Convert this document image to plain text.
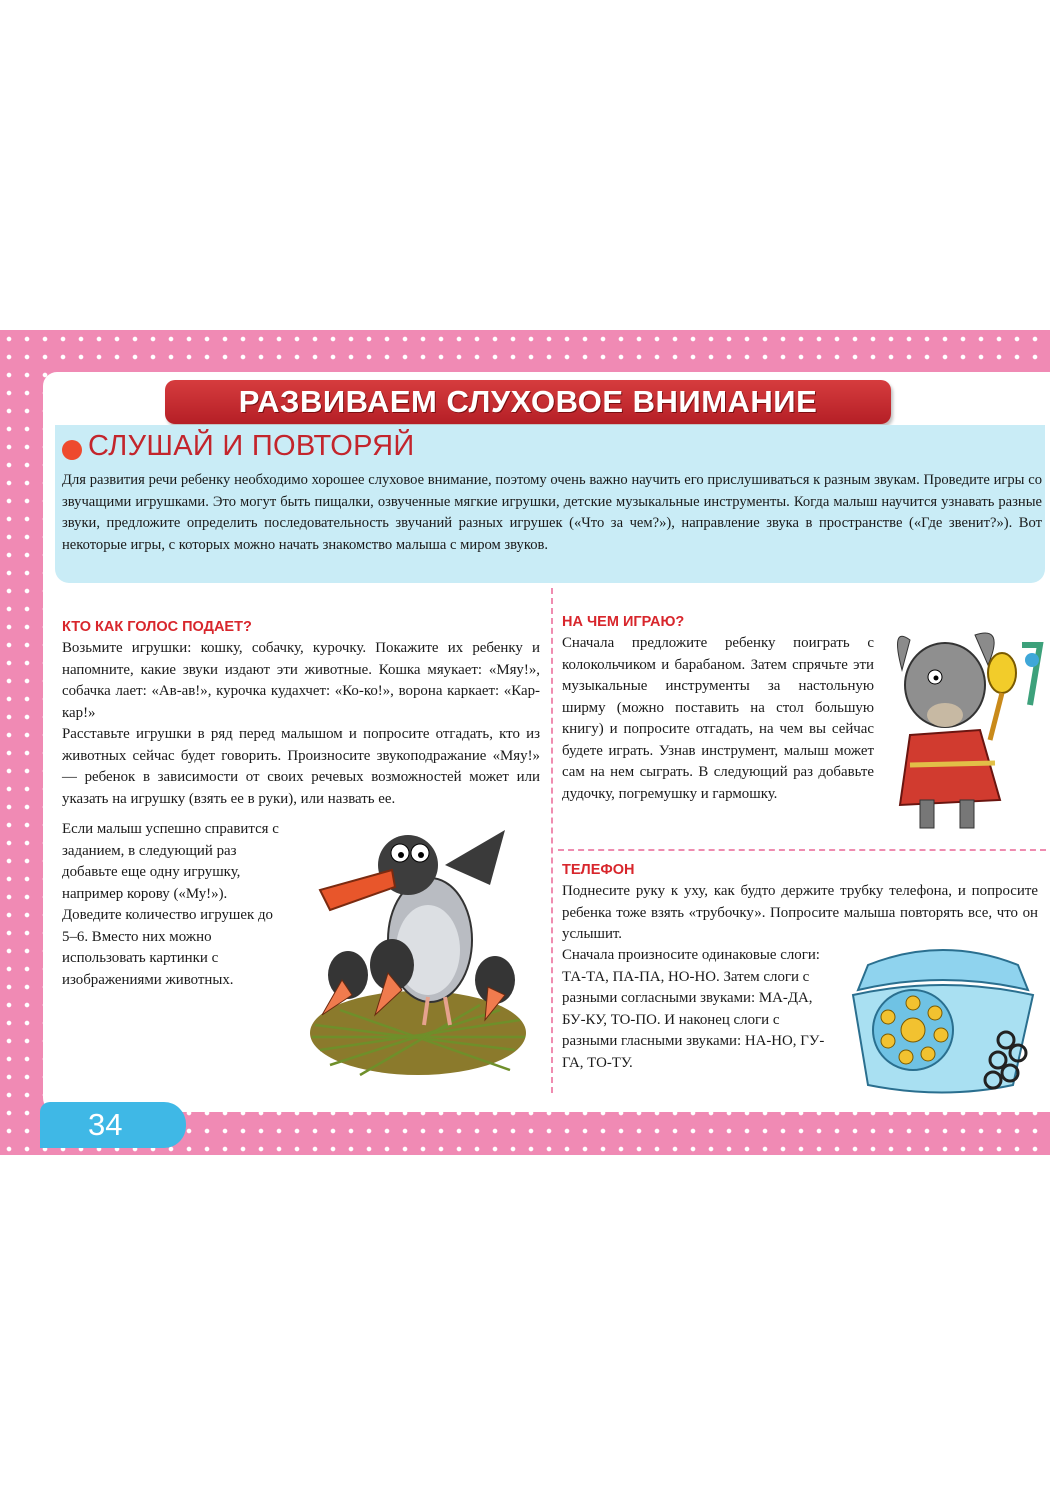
РАЗВИВАЕМ СЛУХОВОЕ ВНИМАНИЕ
СЛУШАЙ И ПОВТОРЯЙ
Для развития речи ребенку необходимо хорошее слуховое внимание, поэтому очень важно научить его прислушиваться к разным звукам. Проведите игры со звучащими игрушками. Это могут быть пищалки, озвученные мягкие игрушки, детские музыкальные инструменты. Когда малыш научится узнавать разные звуки, предложите определить последовательность звучаний разных игрушек («Что за чем?»), направление звука в пространстве («Где звенит?»). Вот некоторые игры, с которых можно начать знакомство малыша с миром звуков.
КТО КАК ГОЛОС ПОДАЕТ?
Возьмите игрушки: кошку, собачку, курочку. Покажите их ребенку и напомните, какие звуки издают эти животные. Кошка мяукает: «Мяу!», собачка лает: «Ав-ав!», курочка кудахчет: «Ко-ко!», ворона каркает: «Кар-кар!»
Расставьте игрушки в ряд перед малышом и попросите отгадать, кто из животных сейчас будет говорить. Произносите звукоподражание «Мяу!» — ребенок в зависимости от своих речевых возможностей может или указать на игрушку (взять ее в руки), или назвать ее.
Если малыш успешно справится с заданием, в следующий раз добавьте еще одну игрушку, например корову («Му!»). Доведите количество игрушек до 5–6. Вместо них можно использовать картинки с изображениями животных.
НА ЧЕМ ИГРАЮ?
Сначала предложите ребенку поиграть с колокольчиком и барабаном. Затем спрячьте эти музыкальные инструменты за настольную ширму (можно поставить на стол большую книгу) и попросите отгадать, на чем вы сейчас будете играть. Узнав инструмент, малыш может сам на нем сыграть. В следующий раз добавьте дудочку, погремушку и гармошку.
ТЕЛЕФОН
Поднесите руку к уху, как будто держите трубку телефона, и попросите ребенка тоже взять «трубочку». Попросите малыша повторять все, что он услышит.
Сначала произносите одинаковые слоги: ТА-ТА, ПА-ПА, НО-НО. Затем слоги с разными согласными звуками: МА-ДА, БУ-КУ, ТО-ПО. И наконец слоги с разными гласными звуками: НА-НО, ГУ-ГА, ТО-ТУ.
34
